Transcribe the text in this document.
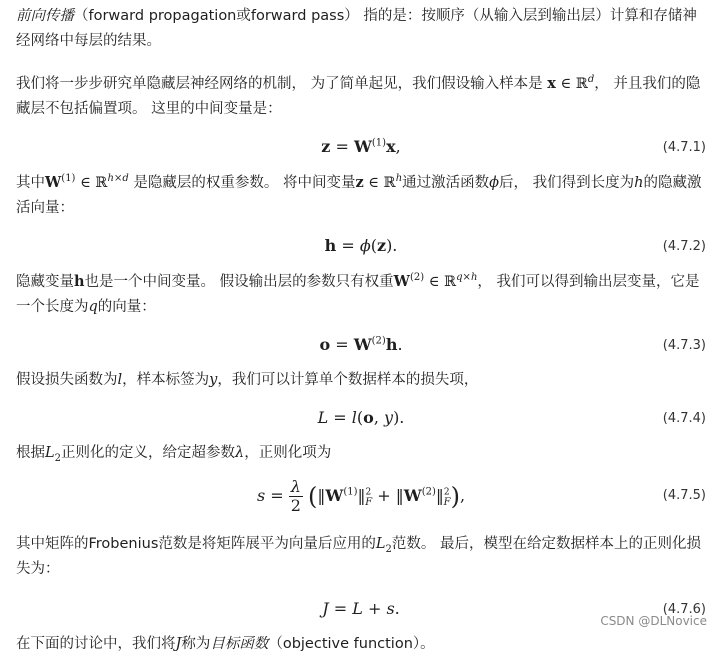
前向传播（forward propagation或forward pass） 指的是：按顺序（从输入层到输出层）计算和存储神经网络中每层的结果。

我们将一步步研究单隐藏层神经网络的机制， 为了简单起见，我们假设输入样本是 x ∈ ℝ$^d$， 并且我们的隐藏层不包括偏置项。 这里的中间变量是：

$z = W^{(1)}x$,	(4.7.1)

其中$W^{(1)}$ ∈ ℝ$^{h\times d}$ 是隐藏层的权重参数。 将中间变量z ∈ ℝ$^h$通过激活函数ϕ后， 我们得到长度为h的隐藏激活向量：

h = ϕ(z).	(4.7.2)

隐藏变量h也是一个中间变量。 假设输出层的参数只有权重$W^{(2)}$ ∈ ℝ$^{q\times h}$， 我们可以得到输出层变量，它是一个长度为q的向量：

$o = W^{(2)}h$.	(4.7.3)

假设损失函数为l，样本标签为y，我们可以计算单个数据样本的损失项，

L = l(o, y).	(4.7.4)

根据$L_2$正则化的定义，给定超参数λ，正则化项为

$s = \frac{\lambda}{2}$ ($‖W^{(1)}‖^2_F$ + $‖W^{(2)}‖^2_F$),	(4.7.5)

其中矩阵的Frobenius范数是将矩阵展平为向量后应用的$L_2$范数。 最后，模型在给定数据样本上的正则化损失为：

J = L + s.	(4.7.6)

在下面的讨论中，我们将J称为目标函数（objective function）。

CSDN @DLNovice
